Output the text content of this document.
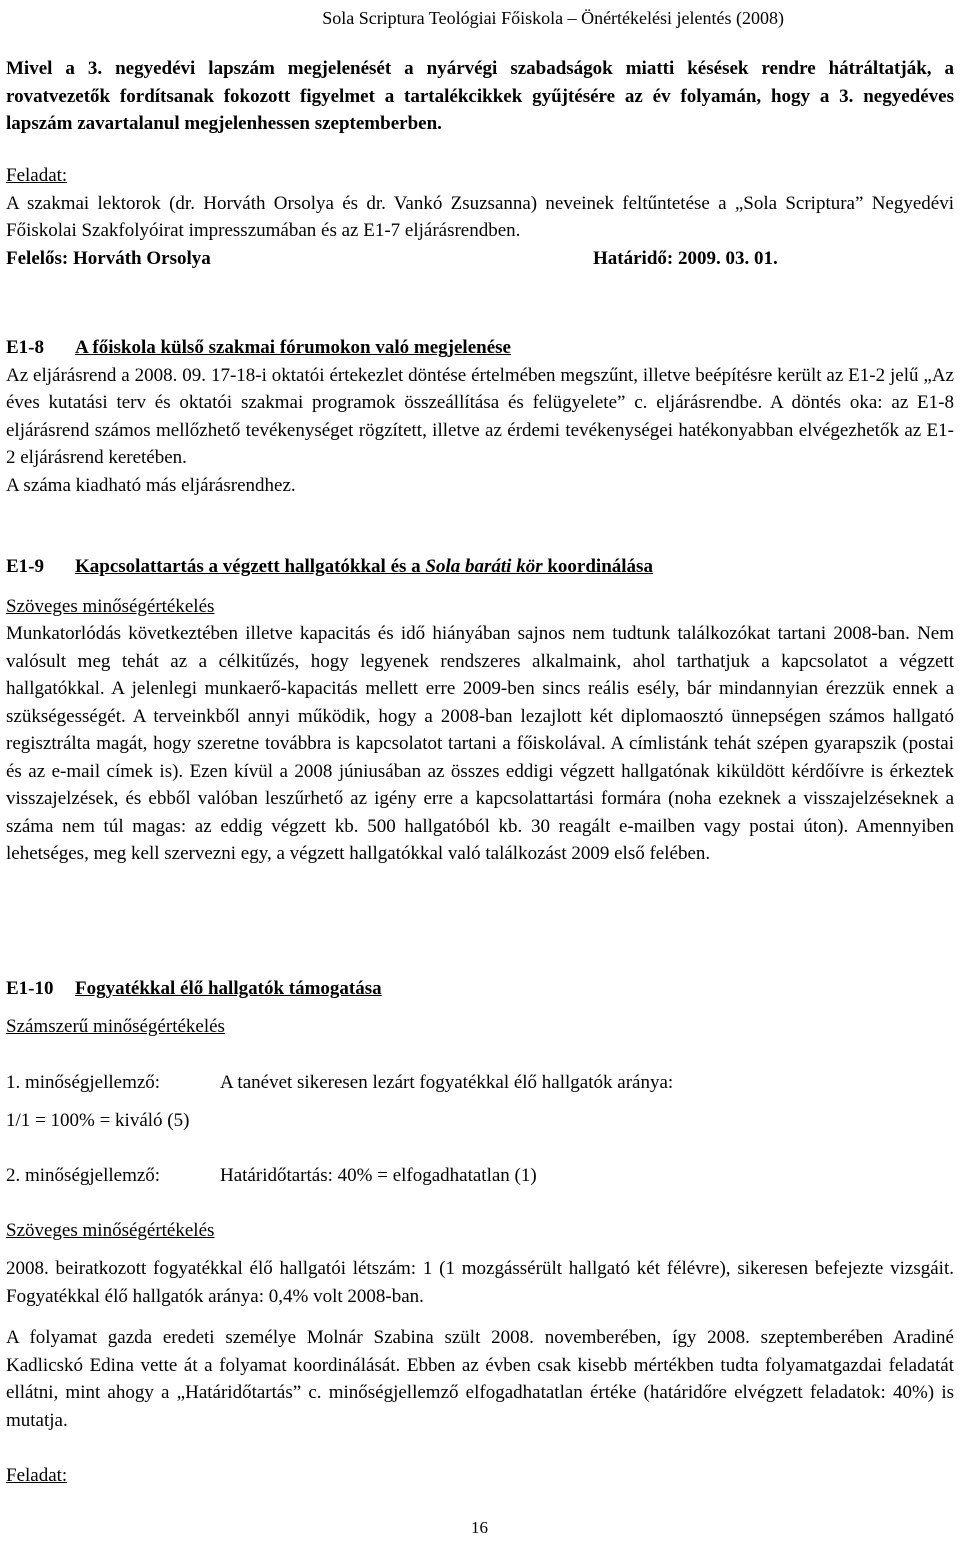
Sola Scriptura Teológiai Főiskola – Önértékelési jelentés (2008)

Mivel a 3. negyedévi lapszám megjelenését a nyárvégi szabadságok miatti késések rendre hátráltatják, a rovatvezetők fordítsanak fokozott figyelmet a tartalékcikkek gyűjtésére az év folyamán, hogy a 3. negyedéves lapszám zavartalanul megjelenhessen szeptemberben.

Feladat:

A szakmai lektorok (dr. Horváth Orsolya és dr. Vankó Zsuzsanna) neveinek feltűntetése a „Sola Scriptura” Negyedévi Főiskolai Szakfolyóirat impresszumában és az E1-7 eljárásrendben.

Felelős: Horváth Orsolya	Határidő: 2009. 03. 01.
E1-8 A főiskola külső szakmai fórumokon való megjelenése

Az eljárásrend a 2008. 09. 17-18-i oktatói értekezlet döntése értelmében megszűnt, illetve beépítésre került az E1-2 jelű „Az éves kutatási terv és oktatói szakmai programok összeállítása és felügyelete” c. eljárásrendbe. A döntés oka: az E1-8 eljárásrend számos mellőzhető tevékenységet rögzített, illetve az érdemi tevékenységei hatékonyabban elvégezhetők az E1-2 eljárásrend keretében.

A száma kiadható más eljárásrendhez.

E1-9 Kapcsolattartás a végzett hallgatókkal és a Sola baráti kör koordinálása
Szöveges minőségértékelés

Munkatorlódás következtében illetve kapacitás és idő hiányában sajnos nem tudtunk találkozókat tartani 2008-ban. Nem valósult meg tehát az a célkitűzés, hogy legyenek rendszeres alkalmaink, ahol tarthatjuk a kapcsolatot a végzett hallgatókkal. A jelenlegi munkaerő-kapacitás mellett erre 2009-ben sincs reális esély, bár mindannyian érezzük ennek a szükségességét. A terveinkből annyi működik, hogy a 2008-ban lezajlott két diplomaosztó ünnepségen számos hallgató regisztrálta magát, hogy szeretne továbbra is kapcsolatot tartani a főiskolával. A címlistánk tehát szépen gyarapszik (postai és az e-mail címek is). Ezen kívül a 2008 júniusában az összes eddigi végzett hallgatónak kiküldött kérdőívre is érkeztek visszajelzések, és ebből valóban leszűrhető az igény erre a kapcsolattartási formára (noha ezeknek a visszajelzéseknek a száma nem túl magas: az eddig végzett kb. 500 hallgatóból kb. 30 reagált e-mailben vagy postai úton). Amennyiben lehetséges, meg kell szervezni egy, a végzett hallgatókkal való találkozást 2009 első felében.

E1-10 Fogyatékkal élő hallgatók támogatása
Számszerű minőségértékelés
1. minőségjellemző:	A tanévet sikeresen lezárt fogyatékkal élő hallgatók aránya:
1/1 = 100% = kiváló (5)
2. minőségjellemző:	Határidőtartás: 40% = elfogadhatatlan (1)
Szöveges minőségértékelés

2008. beiratkozott fogyatékkal élő hallgatói létszám: 1 (1 mozgássérült hallgató két félévre), sikeresen befejezte vizsgáit. Fogyatékkal élő hallgatók aránya: 0,4% volt 2008-ban.

A folyamat gazda eredeti személye Molnár Szabina szült 2008. novemberében, így 2008. szeptemberében Aradiné Kadlicskó Edina vette át a folyamat koordinálását. Ebben az évben csak kisebb mértékben tudta folyamatgazdai feladatát ellátni, mint ahogy a „Határidőtartás” c. minőségjellemző elfogadhatatlan értéke (határidőre elvégzett feladatok: 40%) is mutatja.

Feladat:
16
